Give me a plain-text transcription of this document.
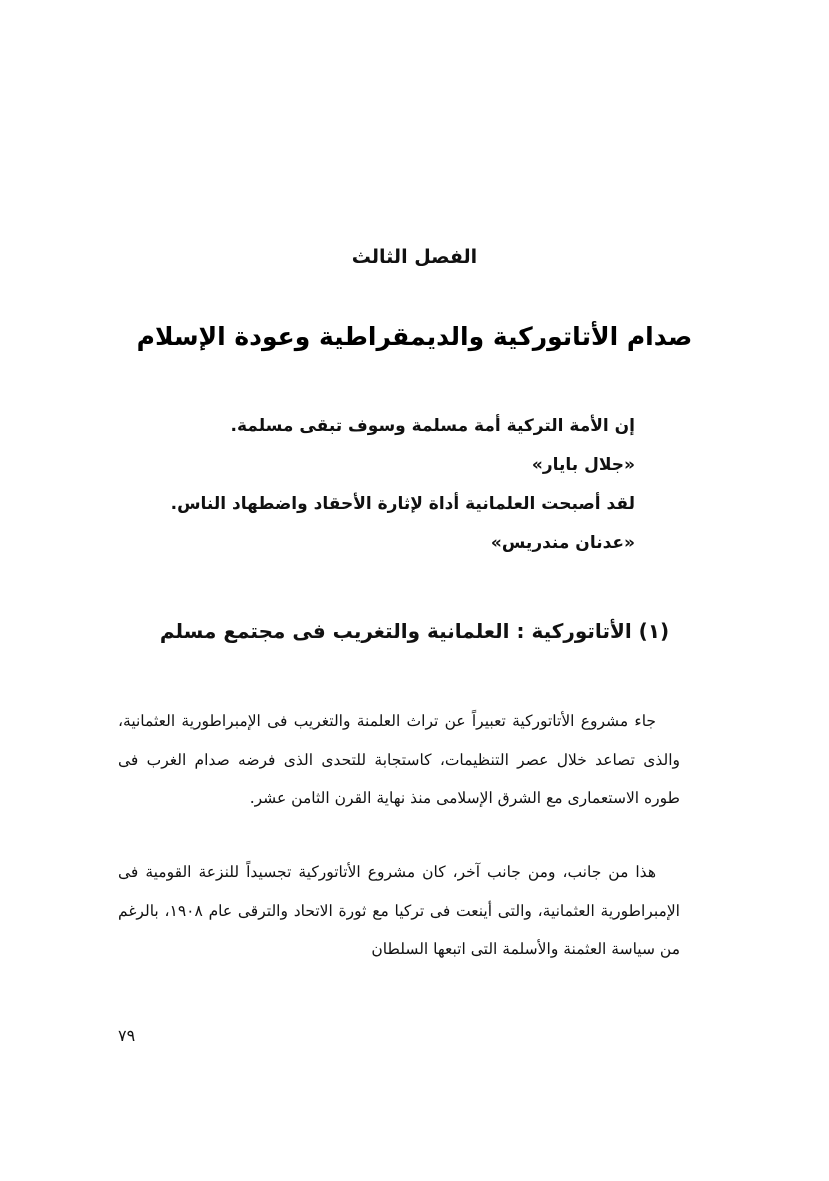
الفصل الثالث
صدام الأتاتوركية والديمقراطية وعودة الإسلام
إن الأمة التركية أمة مسلمة وسوف تبقى مسلمة.
«جلال بايار»
لقد أصبحت العلمانية أداة لإثارة الأحقاد واضطهاد الناس.
«عدنان مندريس»
(١) الأتاتوركية : العلمانية والتغريب فى مجتمع مسلم

جاء مشروع الأتاتوركية تعبيراً عن تراث العلمنة والتغريب فى الإمبراطورية العثمانية، والذى تصاعد خلال عصر التنظيمات، كاستجابة للتحدى الذى فرضه صدام الغرب فى طوره الاستعمارى مع الشرق الإسلامى منذ نهاية القرن الثامن عشر.

هذا من جانب، ومن جانب آخر، كان مشروع الأتاتوركية تجسيداً للنزعة القومية فى الإمبراطورية العثمانية، والتى أينعت فى تركيا مع ثورة الاتحاد والترقى عام ١٩٠٨، بالرغم من سياسة العثمنة والأسلمة التى اتبعها السلطان

٧٩
